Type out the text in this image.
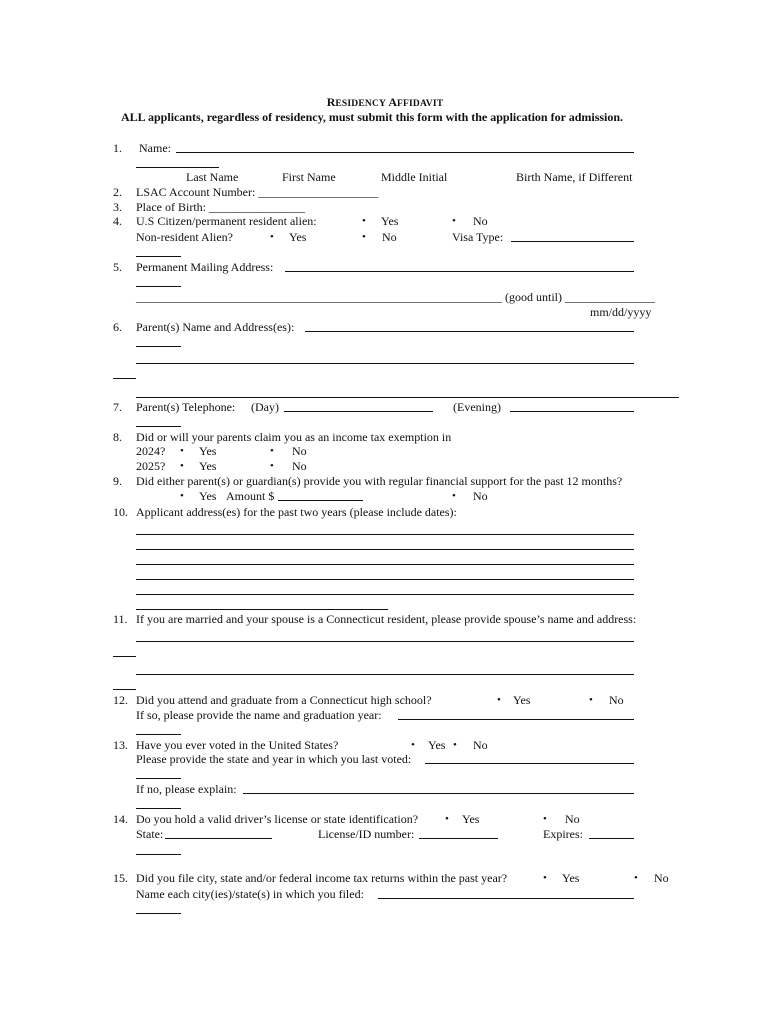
RESIDENCY AFFIDAVIT
ALL applicants, regardless of residency, must submit this form with the application for admission.
1. Name:
Last Name	First Name	Middle Initial	Birth Name, if Different
2. LSAC Account Number: ____________________
3. Place of Birth: ________________
4. U.S Citizen/permanent resident alien:	• Yes	• No
Non-resident Alien?	• Yes	• No	Visa Type:
5. Permanent Mailing Address:
_____________________________________________________________ (good until) _______________
mm/dd/yyyy
6. Parent(s) Name and Address(es):
7. Parent(s) Telephone: (Day)	(Evening)
8. Did or will your parents claim you as an income tax exemption in
2024? • Yes	• No
2025? • Yes	• No
9. Did either parent(s) or guardian(s) provide you with regular financial support for the past 12 months?
• Yes Amount $	• No
10. Applicant address(es) for the past two years (please include dates):
11. If you are married and your spouse is a Connecticut resident, please provide spouse’s name and address:
12. Did you attend and graduate from a Connecticut high school?	• Yes	• No
If so, please provide the name and graduation year:
13. Have you ever voted in the United States?	• Yes • No
Please provide the state and year in which you last voted:
If no, please explain:
14. Do you hold a valid driver’s license or state identification? • Yes	• No
State:	License/ID number:	Expires:
15. Did you file city, state and/or federal income tax returns within the past year?	• Yes	• No
Name each city(ies)/state(s) in which you filed:
